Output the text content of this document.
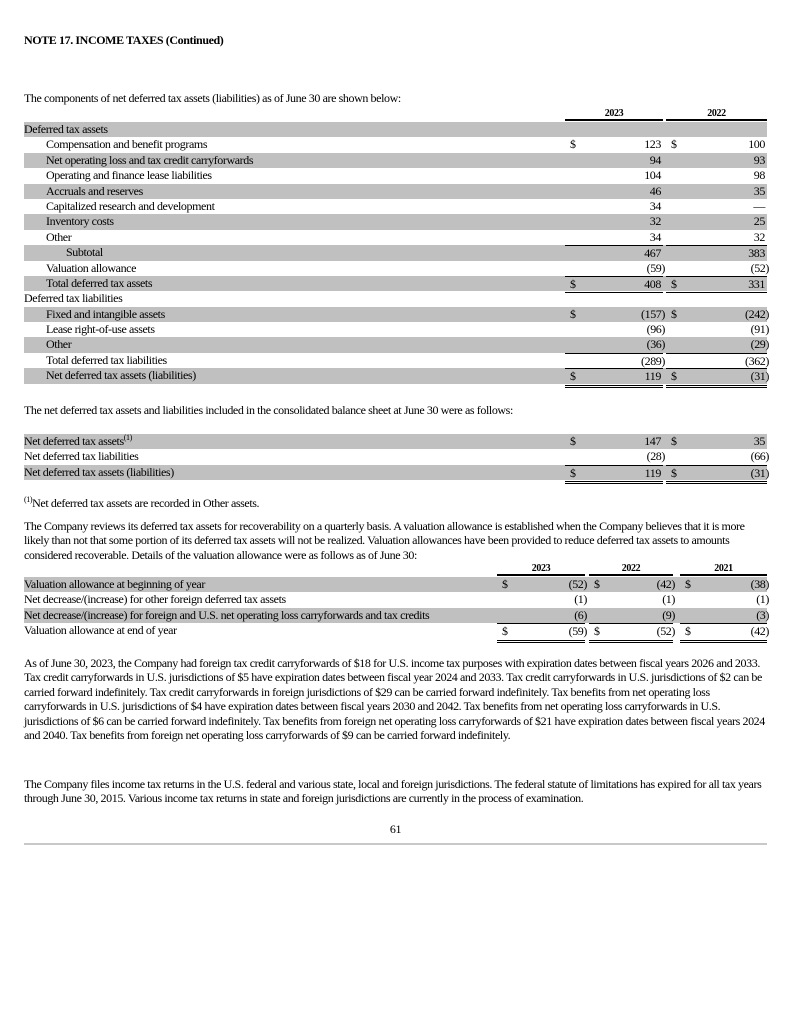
NOTE 17. INCOME TAXES (Continued)
The components of net deferred tax assets (liabilities) as of June 30 are shown below:
2023	2022
Deferred tax assets
Compensation and benefit programs	$	123 $	100
Net operating loss and tax credit carryforwards	94	93
Operating and finance lease liabilities	104	98
Accruals and reserves	46	35
Capitalized research and development	34	—
Inventory costs	32	25
Other	34	32
Subtotal	467	383
Valuation allowance	(59)	(52)
Total deferred tax assets	$	408 $	331
Deferred tax liabilities
Fixed and intangible assets	$	(157) $	(242)
Lease right-of-use assets	(96)	(91)
Other	(36)	(29)
Total deferred tax liabilities	(289)	(362)
Net deferred tax assets (liabilities)	$	119 $	(31)
The net deferred tax assets and liabilities included in the consolidated balance sheet at June 30 were as follows:
Net deferred tax assets$^{(1)}$	$	147 $	35
Net deferred tax liabilities	(28)	(66)
Net deferred tax assets (liabilities)	$	119 $	(31)
$^{(1)}$Net deferred tax assets are recorded in Other assets.
The Company reviews its deferred tax assets for recoverability on a quarterly basis. A valuation allowance is established when the Company believes that it is more likely than not that some portion of its deferred tax assets will not be realized. Valuation allowances have been provided to reduce deferred tax assets to amounts considered recoverable. Details of the valuation allowance were as follows as of June 30:
2023	2022	2021
Valuation allowance at beginning of year	$	(52) $	(42) $	(38)
Net decrease/(increase) for other foreign deferred tax assets	(1)	(1)	(1)
Net decrease/(increase) for foreign and U.S. net operating loss carryforwards and tax credits	(6)	(9)	(3)
Valuation allowance at end of year	$	(59) $	(52) $	(42)
As of June 30, 2023, the Company had foreign tax credit carryforwards of $18 for U.S. income tax purposes with expiration dates between fiscal years 2026 and 2033. Tax credit carryforwards in U.S. jurisdictions of $5 have expiration dates between fiscal year 2024 and 2033. Tax credit carryforwards in U.S. jurisdictions of $2 can be carried forward indefinitely. Tax credit carryforwards in foreign jurisdictions of $29 can be carried forward indefinitely. Tax benefits from net operating loss carryforwards in U.S. jurisdictions of $4 have expiration dates between fiscal years 2030 and 2042. Tax benefits from net operating loss carryforwards in U.S. jurisdictions of $6 can be carried forward indefinitely. Tax benefits from foreign net operating loss carryforwards of $21 have expiration dates between fiscal years 2024 and 2040. Tax benefits from foreign net operating loss carryforwards of $9 can be carried forward indefinitely.
The Company files income tax returns in the U.S. federal and various state, local and foreign jurisdictions. The federal statute of limitations has expired for all tax years through June 30, 2015. Various income tax returns in state and foreign jurisdictions are currently in the process of examination.
61
